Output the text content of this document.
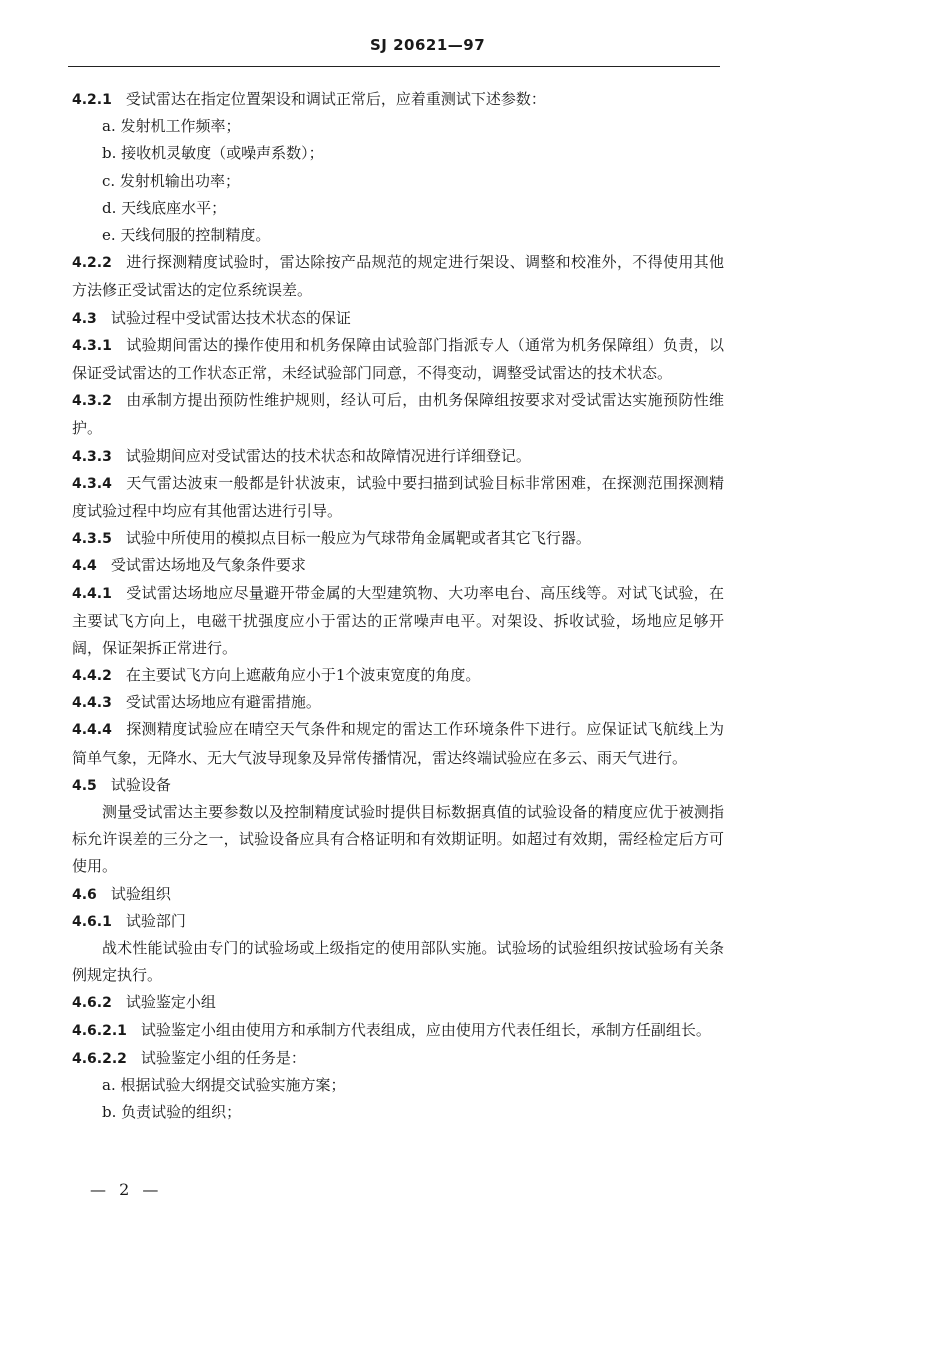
SJ 20621—97
4.2.1 受试雷达在指定位置架设和调试正常后，应着重测试下述参数：
a. 发射机工作频率；
b. 接收机灵敏度（或噪声系数）；
c. 发射机输出功率；
d. 天线底座水平；
e. 天线伺服的控制精度。
4.2.2 进行探测精度试验时，雷达除按产品规范的规定进行架设、调整和校准外，不得使用其他方法修正受试雷达的定位系统误差。
4.3 试验过程中受试雷达技术状态的保证
4.3.1 试验期间雷达的操作使用和机务保障由试验部门指派专人（通常为机务保障组）负责，以保证受试雷达的工作状态正常，未经试验部门同意，不得变动，调整受试雷达的技术状态。
4.3.2 由承制方提出预防性维护规则，经认可后，由机务保障组按要求对受试雷达实施预防性维护。
4.3.3 试验期间应对受试雷达的技术状态和故障情况进行详细登记。
4.3.4 天气雷达波束一般都是针状波束，试验中要扫描到试验目标非常困难，在探测范围探测精度试验过程中均应有其他雷达进行引导。
4.3.5 试验中所使用的模拟点目标一般应为气球带角金属靶或者其它飞行器。
4.4 受试雷达场地及气象条件要求
4.4.1 受试雷达场地应尽量避开带金属的大型建筑物、大功率电台、高压线等。对试飞试验，在主要试飞方向上，电磁干扰强度应小于雷达的正常噪声电平。对架设、拆收试验，场地应足够开阔，保证架拆正常进行。
4.4.2 在主要试飞方向上遮蔽角应小于1个波束宽度的角度。
4.4.3 受试雷达场地应有避雷措施。
4.4.4 探测精度试验应在晴空天气条件和规定的雷达工作环境条件下进行。应保证试飞航线上为简单气象，无降水、无大气波导现象及异常传播情况，雷达终端试验应在多云、雨天气进行。
4.5 试验设备
测量受试雷达主要参数以及控制精度试验时提供目标数据真值的试验设备的精度应优于被测指标允许误差的三分之一，试验设备应具有合格证明和有效期证明。如超过有效期，需经检定后方可使用。
4.6 试验组织
4.6.1 试验部门
战术性能试验由专门的试验场或上级指定的使用部队实施。试验场的试验组织按试验场有关条例规定执行。
4.6.2 试验鉴定小组
4.6.2.1 试验鉴定小组由使用方和承制方代表组成，应由使用方代表任组长，承制方任副组长。
4.6.2.2 试验鉴定小组的任务是：
a. 根据试验大纲提交试验实施方案；
b. 负责试验的组织；
— 2 —
